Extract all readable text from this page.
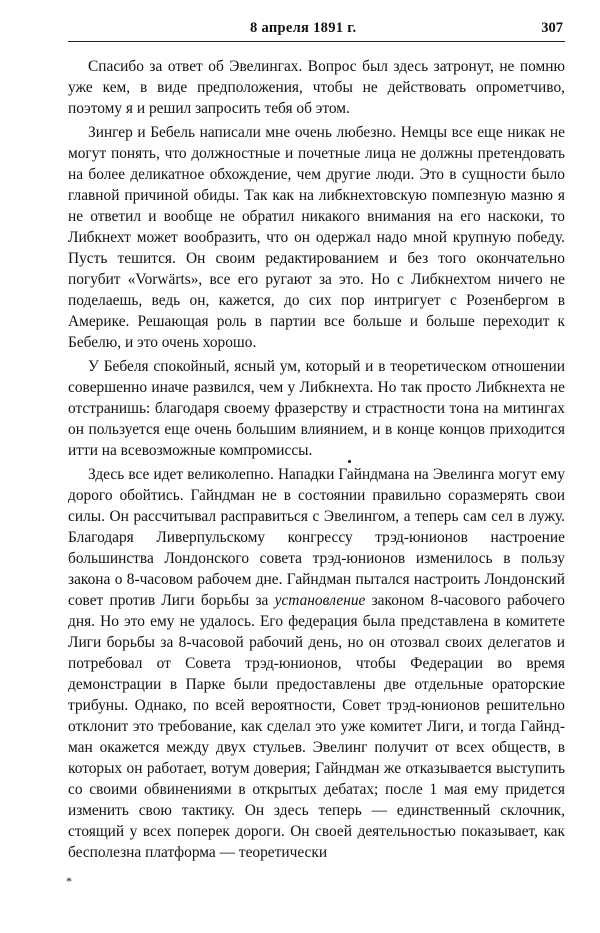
8 апреля 1891 г.	307

Спасибо за ответ об Эвелингах. Вопрос был здесь затронут, не помню уже кем, в виде предположения, чтобы не действовать опрометчиво, поэтому я и решил запросить тебя об этом.

Зингер и Бебель написали мне очень любезно. Немцы все еще никак не могут понять, что должностные и почетные лица не должны претендовать на более деликатное обхождение, чем другие люди. Это в сущности было главной причиной обиды. Так как на либкнехтовскую помпезную мазню я не ответил и вообще не обратил никакого внимания на его наскоки, то Либкнехт может вообразить, что он одержал надо мной крупную победу. Пусть тешится. Он своим редактированием и без того окончательно погубит «Vorwärts», все его ругают за это. Но с Либкнехтом ничего не поделаешь, ведь он, кажется, до сих пор интригует с Розенбергом в Америке. Решающая роль в партии все больше и больше переходит к Бебелю, и это очень хорошо.

У Бебеля спокойный, ясный ум, который и в теоретическом отношении совершенно иначе развился, чем у Либкнехта. Но так просто Либкнехта не отстранишь: благодаря своему фразерству и страстности тона на митингах он пользуется еще очень большим влиянием, и в конце концов приходится итти на всевозможные компромиссы.

Здесь все идет великолепно. Нападки Гайндмана на Эвелинга могут ему дорого обойтись. Гайндман не в состоянии правильно соразмерять свои силы. Он рассчитывал расправиться с Эвелингом, а теперь сам сел в лужу. Благодаря Ливерпульскому конгрессу трэд-юнионов настроение большинства Лондонского совета трэд-юнионов изменилось в пользу закона о 8-часовом рабочем дне. Гайндман пытался настроить Лондонский совет против Лиги борьбы за установление законом 8-часового рабочего дня. Но это ему не удалось. Его федерация была представлена в комитете Лиги борьбы за 8-часовой рабочий день, но он отозвал своих делегатов и потребовал от Совета трэд-юнионов, чтобы Федерации во время демонстрации в Парке были предоставлены две отдельные ораторские трибуны. Однако, по всей вероятности, Совет трэд-юнионов решительно отклонит это требование, как сделал это уже комитет Лиги, и тогда Гайндман окажется между двух стульев. Эвелинг получит от всех обществ, в которых он работает, вотум доверия; Гайндман же отказывается выступить со своими обвинениями в открытых дебатах; после 1 мая ему придется изменить свою тактику. Он здесь теперь — единственный склочник, стоящий у всех поперек дороги. Он своей деятельностью показывает, как бесполезна платформа — теоретически

*
